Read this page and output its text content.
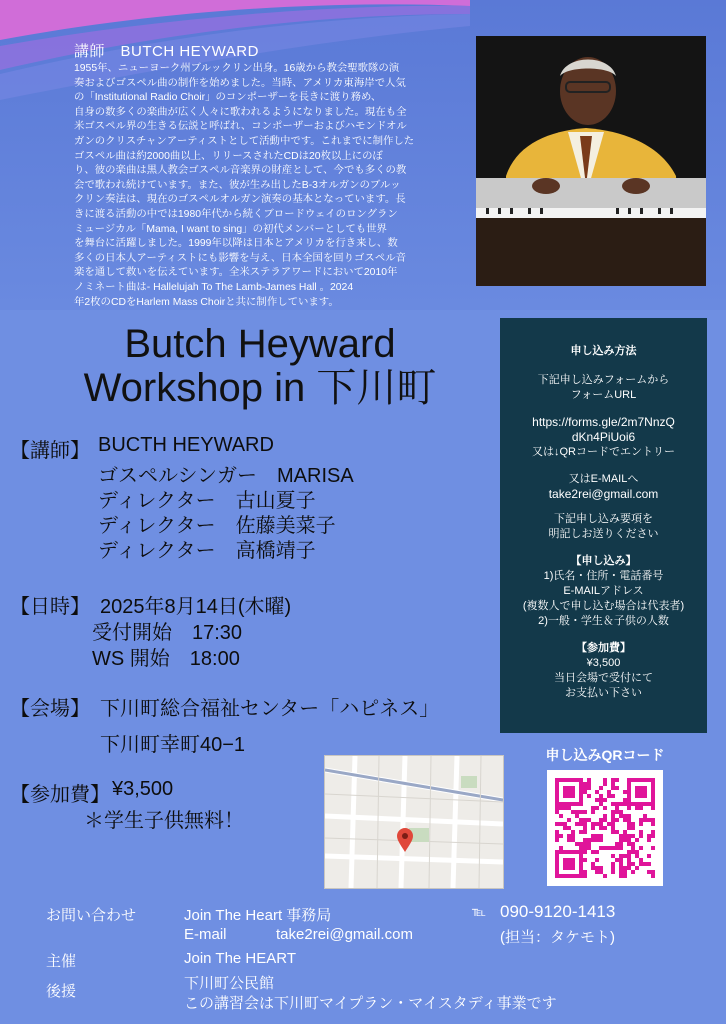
講師　BUTCH HEYWARD

1955年、ニューヨーク州ブルックリン出身。16歳から教会聖歌隊の演
奏およびゴスペル曲の制作を始めました。当時、アメリカ東海岸で人気
の「Institutional Radio Choir」のコンポーザーを長きに渡り務め、
自身の数多くの楽曲が広く人々に歌われるようになりました。現在も全
米ゴスペル界の生きる伝説と呼ばれ、コンポーザーおよびハモンドオル
ガンのクリスチャンアーティストとして活動中です。これまでに制作した
ゴスペル曲は約2000曲以上、リリースされたCDは20枚以上にのぼ
り、彼の楽曲は黒人教会ゴスペル音楽界の財産として、今でも多くの教
会で歌われ続けています。また、彼が生み出したB-3オルガンのブルッ
クリン奏法は、現在のゴスペルオルガン演奏の基本となっています。長
きに渡る活動の中では1980年代から続くブロードウェイのロングラン
ミュージカル「Mama, I want to sing」の初代メンバーとしても世界
を舞台に活躍しました。1999年以降は日本とアメリカを行き来し、数
多くの日本人アーティストにも影響を与え、日本全国を回りゴスペル音
楽を通して救いを伝えています。全米ステラアワードにおいて2010年
ノミネート曲は- Hallelujah To The Lamb-James Hall 。2024
年2枚のCDをHarlem Mass Choirと共に制作しています。

Butch Heyward
Workshop in 下川町
【講師】 BUCTH HEYWARD
ゴスペルシンガー　MARISA
ディレクター　古山夏子
ディレクター　佐藤美菜子
ディレクター　高橋靖子
【日時】 2025年8月14日(木曜)
受付開始　17:30
WS 開始　18:00
【会場】 下川町総合福祉センター「ハピネス」
下川町幸町40−1
【参加費】 ¥3,500
＊学生子供無料！

申し込み方法

下記申し込みフォームから

フォームURL

https://forms.gle/2m7NnzQ

dKn4PiUoi6

又は↓QRコードでエントリー

又はE-MAILへ

take2rei@gmail.com

下記申し込み要項を

明記しお送りください

【申し込み】

1)氏名・住所・電話番号

E-MAILアドレス

(複数人で申し込む場合は代表者)

2)一般・学生＆子供の人数

【参加費】

¥3,500

当日会場で受付にて

お支払い下さい

申し込みQRコード
お問い合わせ	Join The Heart 事務局	℡ 090-9120-1413
E-mail	take2rei@gmail.com	(担当：タケモト)
主催	Join The HEART
後援	下川町公民館
この講習会は下川町マイプラン・マイスタディ事業です
